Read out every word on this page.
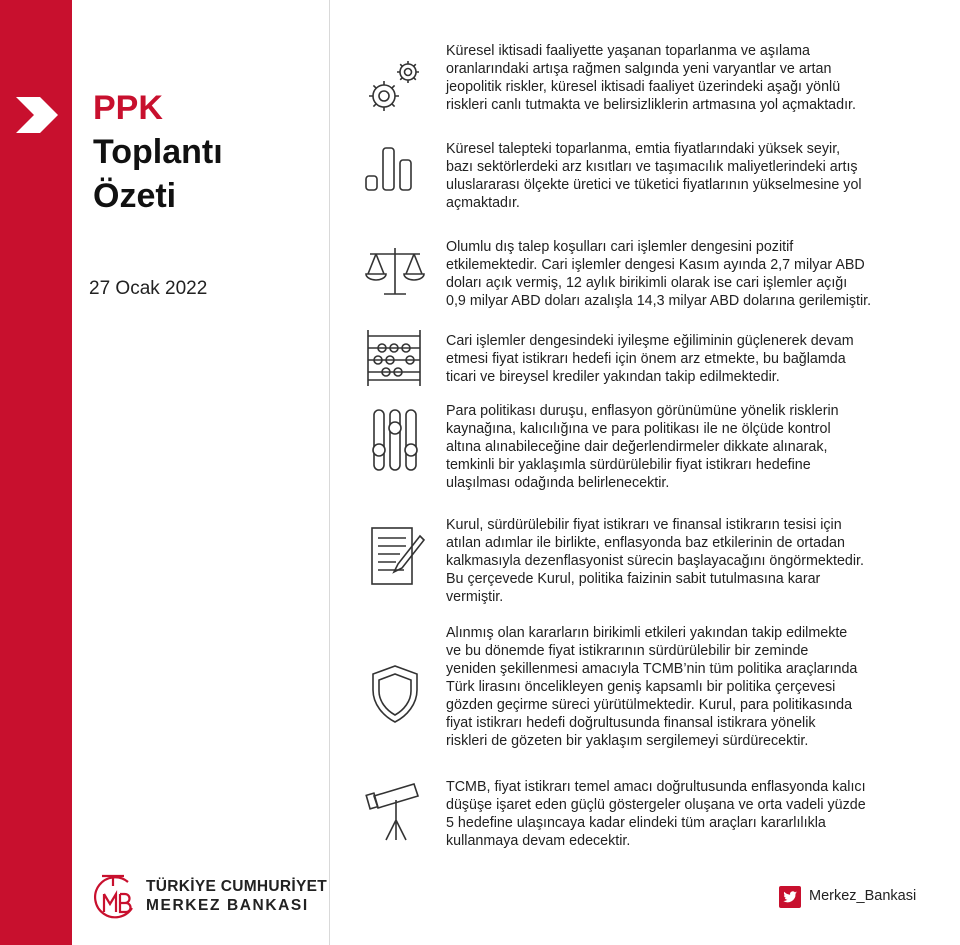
PPK
Toplantı
Özeti
27 Ocak 2022
Küresel iktisadi faaliyette yaşanan toparlanma ve aşılama
oranlarındaki artışa rağmen salgında yeni varyantlar ve artan
jeopolitik riskler, küresel iktisadi faaliyet üzerindeki aşağı yönlü
riskleri canlı tutmakta ve belirsizliklerin artmasına yol açmaktadır.
Küresel talepteki toparlanma, emtia fiyatlarındaki yüksek seyir,
bazı sektörlerdeki arz kısıtları ve taşımacılık maliyetlerindeki artış
uluslararası ölçekte üretici ve tüketici fiyatlarının yükselmesine yol
açmaktadır.
Olumlu dış talep koşulları cari işlemler dengesini pozitif
etkilemektedir. Cari işlemler dengesi Kasım ayında 2,7 milyar ABD
doları açık vermiş, 12 aylık birikimli olarak ise cari işlemler açığı
0,9 milyar ABD doları azalışla 14,3 milyar ABD dolarına gerilemiştir.
Cari işlemler dengesindeki iyileşme eğiliminin güçlenerek devam
etmesi fiyat istikrarı hedefi için önem arz etmekte, bu bağlamda
ticari ve bireysel krediler yakından takip edilmektedir.
Para politikası duruşu, enflasyon görünümüne yönelik risklerin
kaynağına, kalıcılığına ve para politikası ile ne ölçüde kontrol
altına alınabileceğine dair değerlendirmeler dikkate alınarak,
temkinli bir yaklaşımla sürdürülebilir fiyat istikrarı hedefine
ulaşılması odağında belirlenecektir.
Kurul, sürdürülebilir fiyat istikrarı ve finansal istikrarın tesisi için
atılan adımlar ile birlikte, enflasyonda baz etkilerinin de ortadan
kalkmasıyla dezenflasyonist sürecin başlayacağını öngörmektedir.
Bu çerçevede Kurul, politika faizinin sabit tutulmasına karar
vermiştir.
Alınmış olan kararların birikimli etkileri yakından takip edilmekte
ve bu dönemde fiyat istikrarının sürdürülebilir bir zeminde
yeniden şekillenmesi amacıyla TCMB’nin tüm politika araçlarında
Türk lirasını öncelikleyen geniş kapsamlı bir politika çerçevesi
gözden geçirme süreci yürütülmektedir. Kurul, para politikasında
fiyat istikrarı hedefi doğrultusunda finansal istikrara yönelik
riskleri de gözeten bir yaklaşım sergilemeyi sürdürecektir.
TCMB, fiyat istikrarı temel amacı doğrultusunda enflasyonda kalıcı
düşüşe işaret eden güçlü göstergeler oluşana ve orta vadeli yüzde
5 hedefine ulaşıncaya kadar elindeki tüm araçları kararlılıkla
kullanmaya devam edecektir.
TÜRKİYE CUMHURİYET
MERKEZ BANKASI
Merkez_Bankasi
